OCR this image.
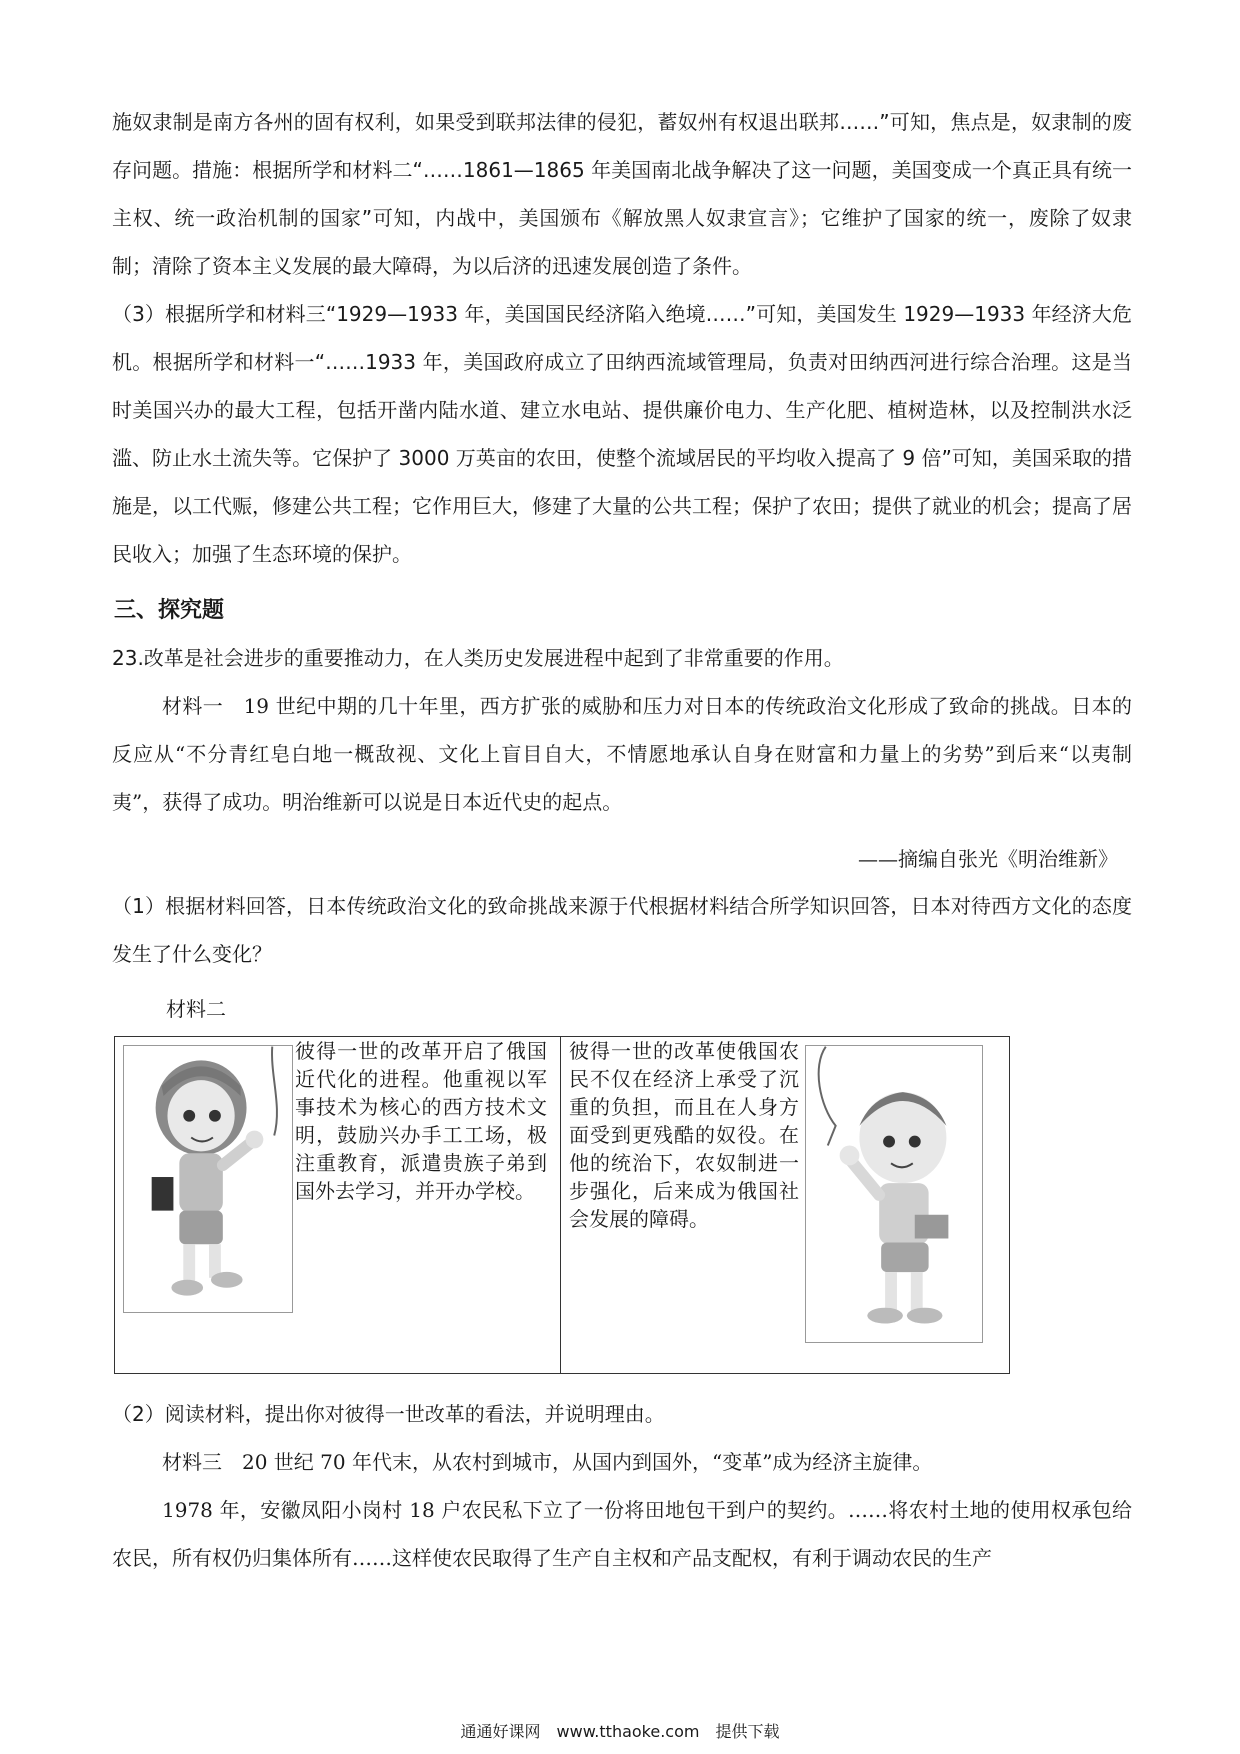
施奴隶制是南方各州的固有权利，如果受到联邦法律的侵犯，蓄奴州有权退出联邦……”可知，焦点是，奴隶制的废存问题。措施：根据所学和材料二“……1861—1865 年美国南北战争解决了这一问题，美国变成一个真正具有统一主权、统一政治机制的国家”可知，内战中，美国颁布《解放黑人奴隶宣言》；它维护了国家的统一，废除了奴隶制；清除了资本主义发展的最大障碍，为以后济的迅速发展创造了条件。

（3）根据所学和材料三“1929—1933 年，美国国民经济陷入绝境……”可知，美国发生 1929—1933 年经济大危机。根据所学和材料一“……1933 年，美国政府成立了田纳西流域管理局，负责对田纳西河进行综合治理。这是当时美国兴办的最大工程，包括开凿内陆水道、建立水电站、提供廉价电力、生产化肥、植树造林，以及控制洪水泛滥、防止水土流失等。它保护了 3000 万英亩的农田，使整个流域居民的平均收入提高了 9 倍”可知，美国采取的措施是，以工代赈，修建公共工程；它作用巨大，修建了大量的公共工程；保护了农田；提供了就业的机会；提高了居民收入；加强了生态环境的保护。

三、探究题

23.改革是社会进步的重要推动力，在人类历史发展进程中起到了非常重要的作用。

材料一　19 世纪中期的几十年里，西方扩张的威胁和压力对日本的传统政治文化形成了致命的挑战。日本的反应从“不分青红皂白地一概敌视、文化上盲目自大，不情愿地承认自身在财富和力量上的劣势”到后来“以夷制夷”，获得了成功。明治维新可以说是日本近代史的起点。

——摘编自张光《明治维新》

（1）根据材料回答，日本传统政治文化的致命挑战来源于代根据材料结合所学知识回答，日本对待西方文化的态度发生了什么变化？

材料二

彼得一世的改革开启了俄国近代化的进程。他重视以军事技术为核心的西方技术文明，鼓励兴办手工工场，极注重教育，派遣贵族子弟到国外去学习，并开办学校。

彼得一世的改革使俄国农民不仅在经济上承受了沉重的负担，而且在人身方面受到更残酷的奴役。在他的统治下，农奴制进一步强化，后来成为俄国社会发展的障碍。

（2）阅读材料，提出你对彼得一世改革的看法，并说明理由。

材料三　20 世纪 70 年代末，从农村到城市，从国内到国外，“变革”成为经济主旋律。

1978 年，安徽凤阳小岗村 18 户农民私下立了一份将田地包干到户的契约。……将农村土地的使用权承包给农民，所有权仍归集体所有……这样使农民取得了生产自主权和产品支配权，有利于调动农民的生产

通通好课网　www.tthaoke.com　提供下载
